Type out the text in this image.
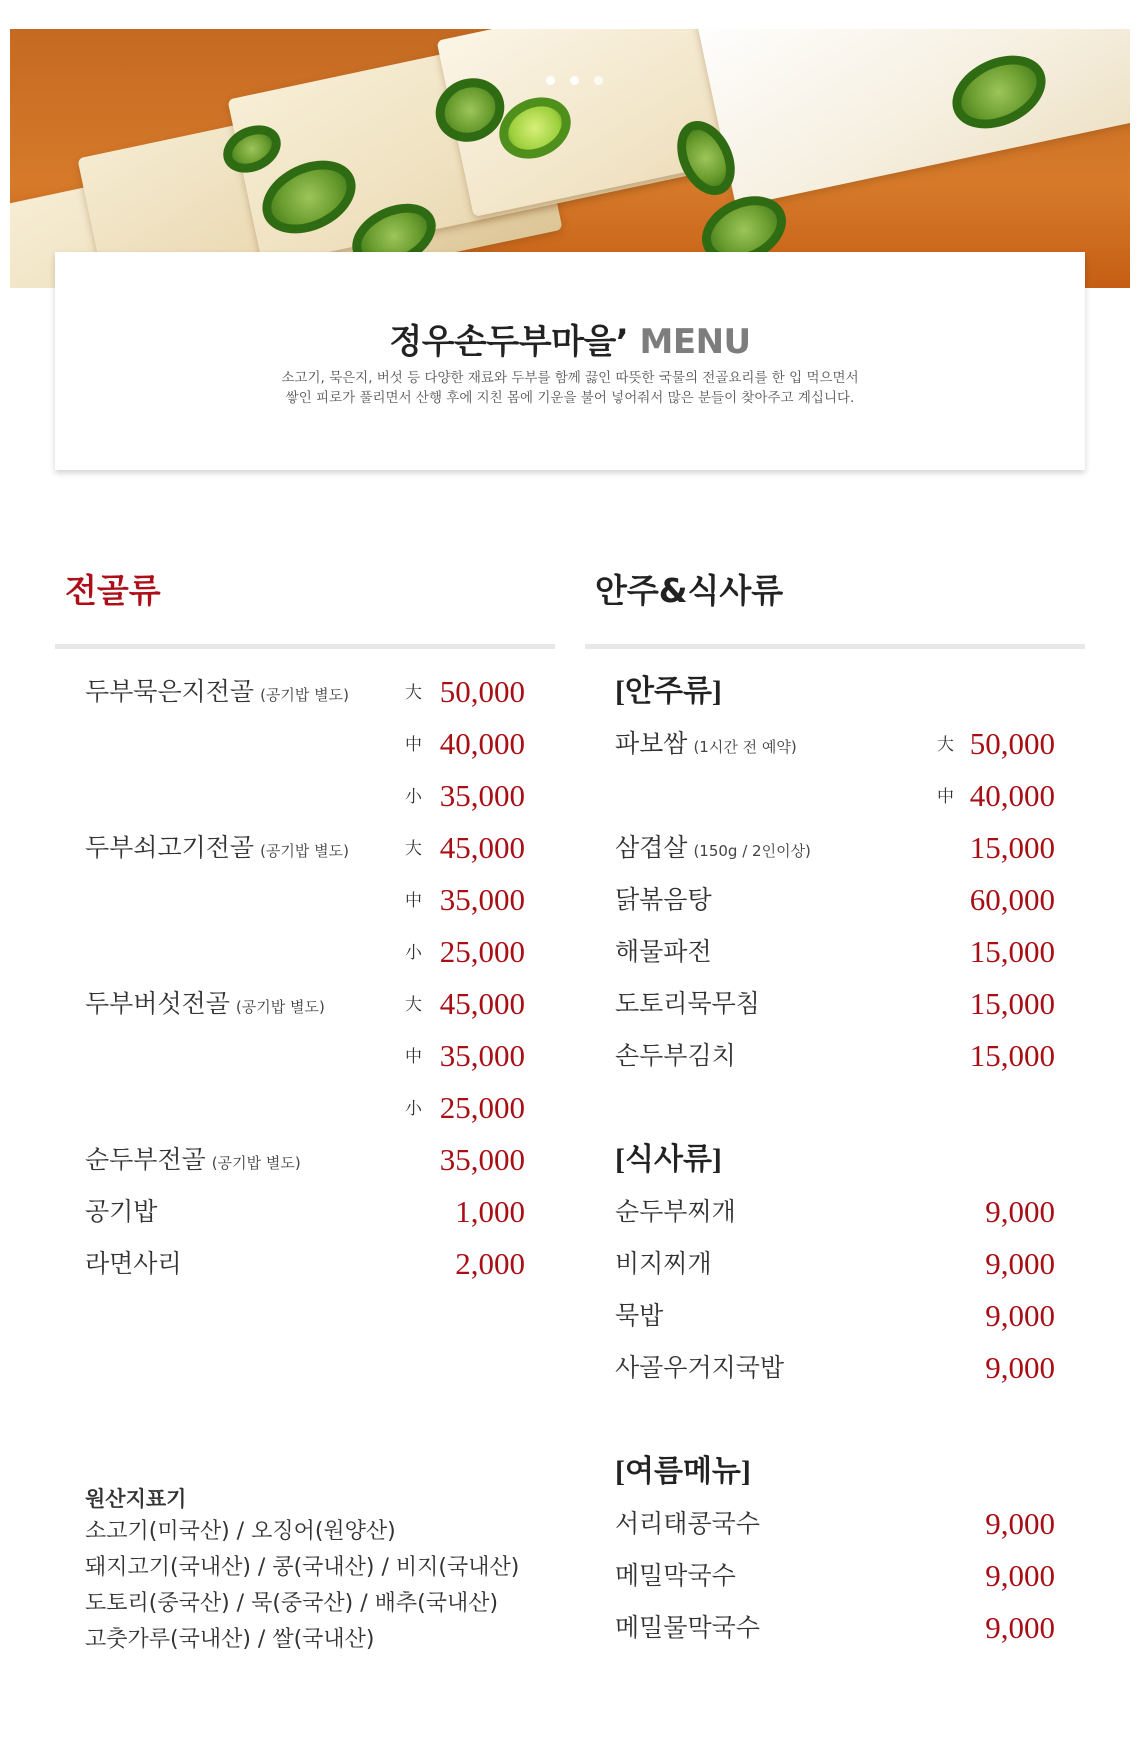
정우손두부마을’ MENU
소고기, 묵은지, 버섯 등 다양한 재료와 두부를 함께 끓인 따뜻한 국물의 전골요리를 한 입 먹으면서
쌓인 피로가 풀리면서 산행 후에 지친 몸에 기운을 불어 넣어줘서 많은 분들이 찾아주고 계십니다.
전골류
두부묵은지전골 (공기밥 별도)	大 50,000
中 40,000
小 35,000
두부쇠고기전골 (공기밥 별도)	大 45,000
中 35,000
小 25,000
두부버섯전골 (공기밥 별도)	大 45,000
中 35,000
小 25,000
순두부전골 (공기밥 별도)	35,000
공기밥	1,000
라면사리	2,000
안주&식사류
[안주류]
파보쌈 (1시간 전 예약)	大 50,000
中 40,000
삼겹살 (150g / 2인이상)	15,000
닭볶음탕	60,000
해물파전	15,000
도토리묵무침	15,000
손두부김치	15,000
[식사류]
순두부찌개	9,000
비지찌개	9,000
묵밥	9,000
사골우거지국밥	9,000
[여름메뉴]
서리태콩국수	9,000
메밀막국수	9,000
메밀물막국수	9,000
원산지표기
소고기(미국산) / 오징어(원양산)
돼지고기(국내산) / 콩(국내산) / 비지(국내산)
도토리(중국산) / 묵(중국산) / 배추(국내산)
고춧가루(국내산) / 쌀(국내산)
